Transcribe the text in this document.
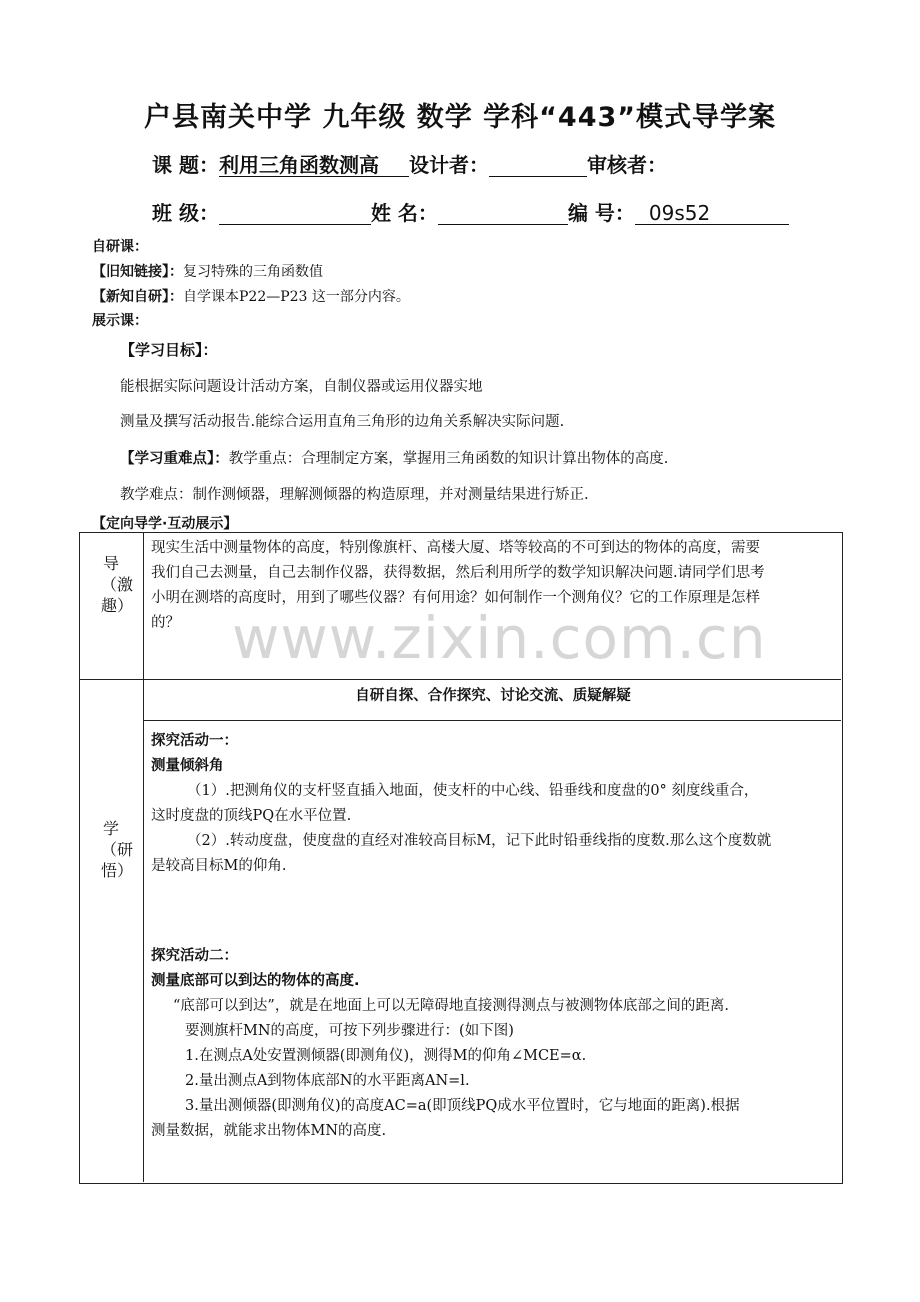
户县南关中学 九年级 数学 学科“443”模式导学案
课 题：利用三角函数测高 设计者：	审核者：
班 级：	姓 名：	编 号： 09s52
自研课：
【旧知链接】：复习特殊的三角函数值
【新知自研】：自学课本P22—P23 这一部分内容。
展示课：
【学习目标】：
能根据实际问题设计活动方案，自制仪器或运用仪器实地
测量及撰写活动报告.能综合运用直角三角形的边角关系解决实际问题.
【学习重难点】：教学重点：合理制定方案，掌握用三角函数的知识计算出物体的高度.
教学难点：制作测倾器，理解测倾器的构造原理，并对测量结果进行矫正.
【定向导学·互动展示】
导（激趣）
现实生活中测量物体的高度，特别像旗杆、高楼大厦、塔等较高的不可到达的物体的高度，需要
我们自己去测量，自己去制作仪器，获得数据，然后利用所学的数学知识解决问题.请同学们思考
小明在测塔的高度时，用到了哪些仪器？有何用途？如何制作一个测角仪？它的工作原理是怎样
的？ www.zixin.com.cn
学（研悟）
自研自探、合作探究、讨论交流、质疑解疑
探究活动一：
测量倾斜角
（1）.把测角仪的支杆竖直插入地面，使支杆的中心线、铅垂线和度盘的0° 刻度线重合，
这时度盘的顶线PQ在水平位置.
（2）.转动度盘，使度盘的直经对准较高目标M，记下此时铅垂线指的度数.那么这个度数就
是较高目标M的仰角.
探究活动二：
测量底部可以到达的物体的高度.
“底部可以到达”，就是在地面上可以无障碍地直接测得测点与被测物体底部之间的距离.
要测旗杆MN的高度，可按下列步骤进行：(如下图)
1.在测点A处安置测倾器(即测角仪)，测得M的仰角∠MCE=α.
2.量出测点A到物体底部N的水平距离AN=l.
3.量出测倾器(即测角仪)的高度AC=a(即顶线PQ成水平位置时，它与地面的距离).根据
测量数据，就能求出物体MN的高度.
